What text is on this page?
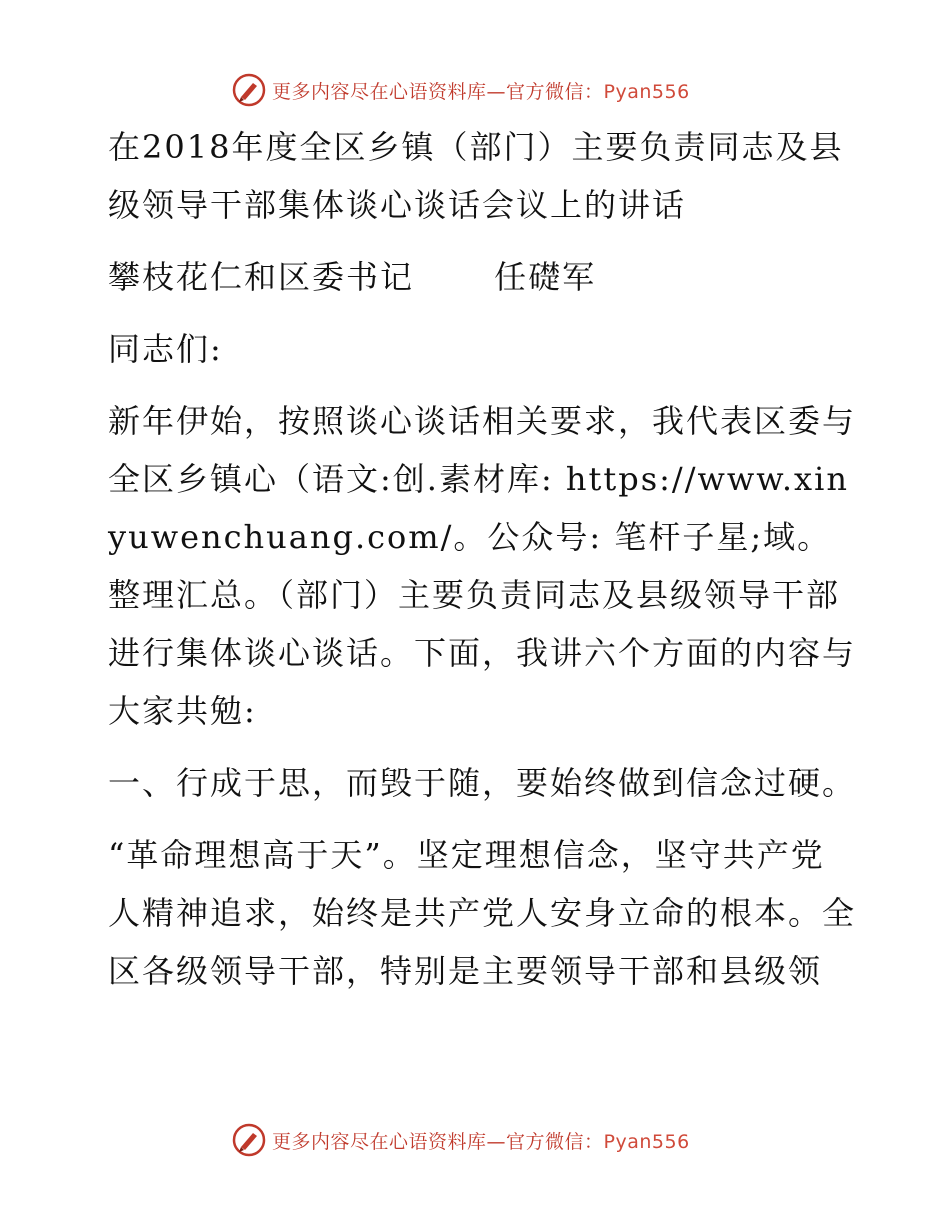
更多内容尽在心语资料库—官方微信：Pyan556

在2018年度全区乡镇（部门）主要负责同志及县级领导干部集体谈心谈话会议上的讲话

攀枝花仁和区委书记　　 任礎军

同志们:

新年伊始，按照谈心谈话相关要求，我代表区委与全区乡镇心（语文:创.素材库: https://www.xinyuwenchuang.com/。公众号: 笔杆子星;域。整理汇总。（部门）主要负责同志及县级领导干部进行集体谈心谈话。下面，我讲六个方面的内容与大家共勉:

一、行成于思，而毁于随，要始终做到信念过硬。

“革命理想高于天”。坚定理想信念，坚守共产党人精神追求，始终是共产党人安身立命的根本。全区各级领导干部，特别是主要领导干部和县级领

更多内容尽在心语资料库—官方微信：Pyan556
